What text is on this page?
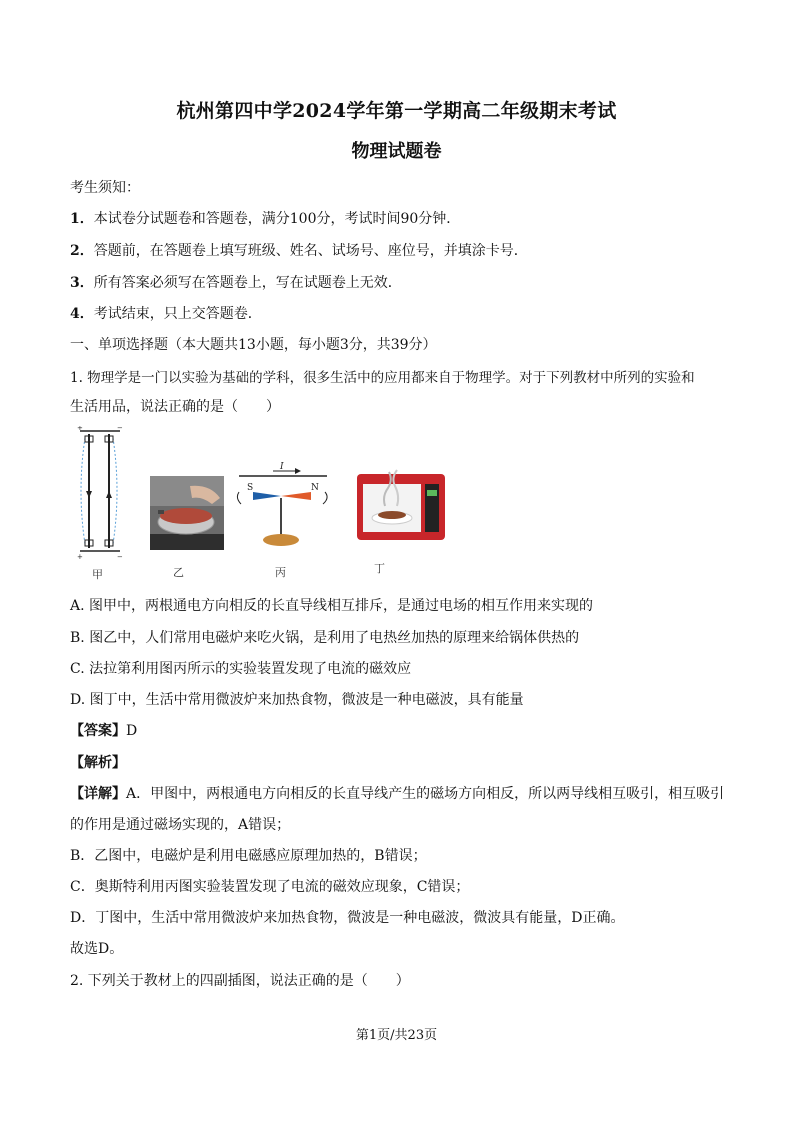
杭州第四中学2024学年第一学期高二年级期末考试
物理试题卷
考生须知：
1．本试卷分试题卷和答题卷，满分100分，考试时间90分钟．
2．答题前，在答题卷上填写班级、姓名、试场号、座位号，并填涂卡号．
3．所有答案必须写在答题卷上，写在试题卷上无效．
4．考试结束，只上交答题卷．
一、单项选择题（本大题共13小题，每小题3分，共39分）
1. 物理学是一门以实验为基础的学科，很多生活中的应用都来自于物理学。对于下列教材中所列的实验和
生活用品，说法正确的是（　　）
+	−
+	−
I
S	N
甲	乙	丙	丁
A. 图甲中，两根通电方向相反的长直导线相互排斥，是通过电场的相互作用来实现的
B. 图乙中，人们常用电磁炉来吃火锅，是利用了电热丝加热的原理来给锅体供热的
C. 法拉第利用图丙所示的实验装置发现了电流的磁效应
D. 图丁中，生活中常用微波炉来加热食物，微波是一种电磁波，具有能量
【答案】D
【解析】
【详解】A．甲图中，两根通电方向相反的长直导线产生的磁场方向相反，所以两导线相互吸引，相互吸引
的作用是通过磁场实现的，A错误；
B．乙图中，电磁炉是利用电磁感应原理加热的，B错误；
C．奥斯特利用丙图实验装置发现了电流的磁效应现象，C错误；
D．丁图中，生活中常用微波炉来加热食物，微波是一种电磁波，微波具有能量，D正确。
故选D。
2. 下列关于教材上的四副插图，说法正确的是（　　）
第1页/共23页
